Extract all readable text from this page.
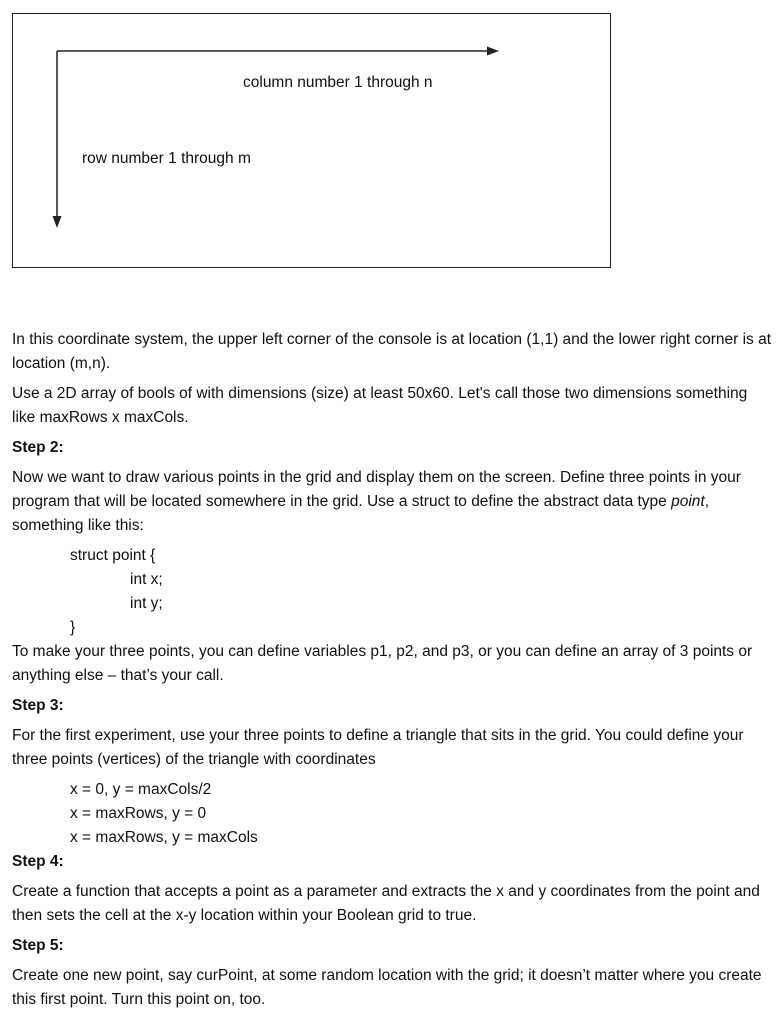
column number 1 through n
row number 1 through m

In this coordinate system, the upper left corner of the console is at location (1,1) and the lower right corner is at location (m,n).

Use a 2D array of bools of with dimensions (size) at least 50x60. Let's call those two dimensions something like maxRows x maxCols.

Step 2:

Now we want to draw various points in the grid and display them on the screen. Define three points in your program that will be located somewhere in the grid. Use a struct to define the abstract data type point, something like this:

struct point {

int x;

int y;

}

To make your three points, you can define variables p1, p2, and p3, or you can define an array of 3 points or anything else – that’s your call.

Step 3:

For the first experiment, use your three points to define a triangle that sits in the grid. You could define your three points (vertices) of the triangle with coordinates

x = 0, y = maxCols/2

x = maxRows, y = 0

x = maxRows, y = maxCols

Step 4:

Create a function that accepts a point as a parameter and extracts the x and y coordinates from the point and then sets the cell at the x-y location within your Boolean grid to true.

Step 5:

Create one new point, say curPoint, at some random location with the grid; it doesn’t matter where you create this first point. Turn this point on, too.
